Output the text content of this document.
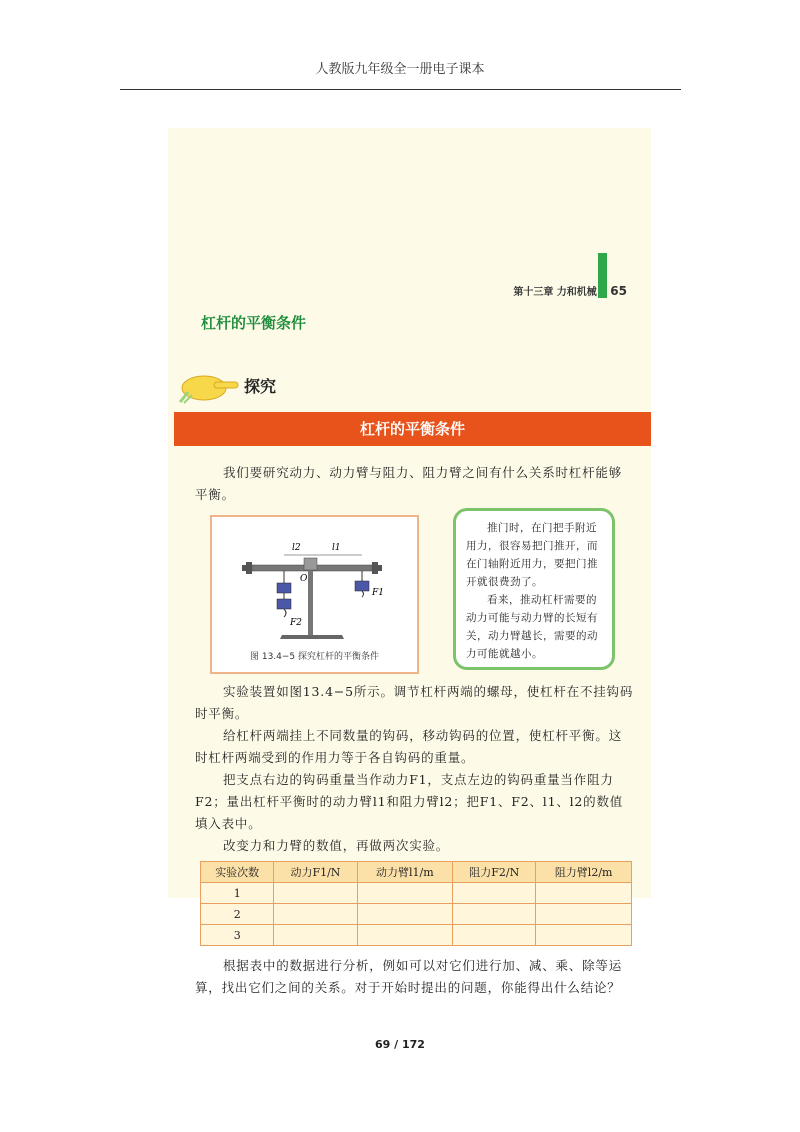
人教版九年级全一册电子课本
第十三章 力和机械 65
杠杆的平衡条件
探究
杠杆的平衡条件

我们要研究动力、动力臂与阻力、阻力臂之间有什么关系时杠杆能够平衡。

l2	l1
O
F1
F2
图 13.4−5 探究杠杆的平衡条件

推门时，在门把手附近用力，很容易把门推开，而在门轴附近用力，要把门推开就很费劲了。

看来，推动杠杆需要的动力可能与动力臂的长短有关，动力臂越长，需要的动力可能就越小。

实验装置如图13.4−5所示。调节杠杆两端的螺母，使杠杆在不挂钩码时平衡。

给杠杆两端挂上不同数量的钩码，移动钩码的位置，使杠杆平衡。这时杠杆两端受到的作用力等于各自钩码的重量。

把支点右边的钩码重量当作动力F1，支点左边的钩码重量当作阻力F2；量出杠杆平衡时的动力臂l1和阻力臂l2；把F1、F2、l1、l2的数值填入表中。

改变力和力臂的数值，再做两次实验。

实验次数	动力F1/N	动力臂l1/m	阻力F2/N	阻力臂l2/m
1				
2				
3				

根据表中的数据进行分析，例如可以对它们进行加、减、乘、除等运算，找出它们之间的关系。对于开始时提出的问题，你能得出什么结论？

69 / 172
